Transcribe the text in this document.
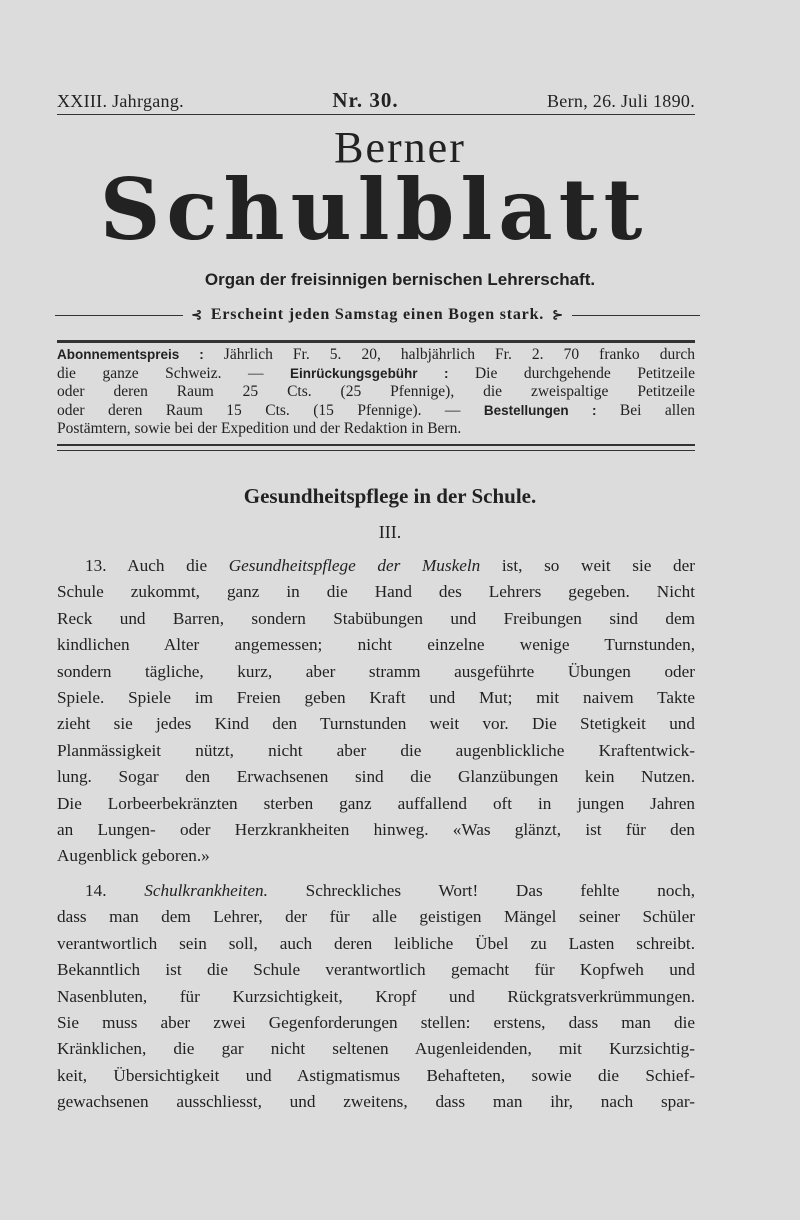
XXIII. Jahrgang.	Nr. 30.	Bern, 26. Juli 1890.
Berner
Schulblatt
Organ der freisinnigen bernischen Lehrerschaft.
⊰ Erscheint jeden Samstag einen Bogen stark. ⊱
Abonnementspreis : Jährlich Fr. 5. 20, halbjährlich Fr. 2. 70 franko durch
die ganze Schweiz. — Einrückungsgebühr : Die durchgehende Petitzeile
oder deren Raum 25 Cts. (25 Pfennige), die zweispaltige Petitzeile
oder deren Raum 15 Cts. (15 Pfennige). — Bestellungen : Bei allen
Postämtern, sowie bei der Expedition und der Redaktion in Bern.
Gesundheitspflege in der Schule.
III.
13. Auch die Gesundheitspflege der Muskeln ist, so weit sie der
Schule zukommt, ganz in die Hand des Lehrers gegeben. Nicht
Reck und Barren, sondern Stabübungen und Freibungen sind dem
kindlichen Alter angemessen; nicht einzelne wenige Turnstunden,
sondern tägliche, kurz, aber stramm ausgeführte Übungen oder
Spiele. Spiele im Freien geben Kraft und Mut; mit naivem Takte
zieht sie jedes Kind den Turnstunden weit vor. Die Stetigkeit und
Planmässigkeit nützt, nicht aber die augenblickliche Kraftentwick-
lung. Sogar den Erwachsenen sind die Glanzübungen kein Nutzen.
Die Lorbeerbekränzten sterben ganz auffallend oft in jungen Jahren
an Lungen- oder Herzkrankheiten hinweg. «Was glänzt, ist für den
Augenblick geboren.»
14. Schulkrankheiten. Schreckliches Wort! Das fehlte noch,
dass man dem Lehrer, der für alle geistigen Mängel seiner Schüler
verantwortlich sein soll, auch deren leibliche Übel zu Lasten schreibt.
Bekanntlich ist die Schule verantwortlich gemacht für Kopfweh und
Nasenbluten, für Kurzsichtigkeit, Kropf und Rückgratsverkrümmungen.
Sie muss aber zwei Gegenforderungen stellen: erstens, dass man die
Kränklichen, die gar nicht seltenen Augenleidenden, mit Kurzsichtig-
keit, Übersichtigkeit und Astigmatismus Behafteten, sowie die Schief-
gewachsenen ausschliesst, und zweitens, dass man ihr, nach spar-
